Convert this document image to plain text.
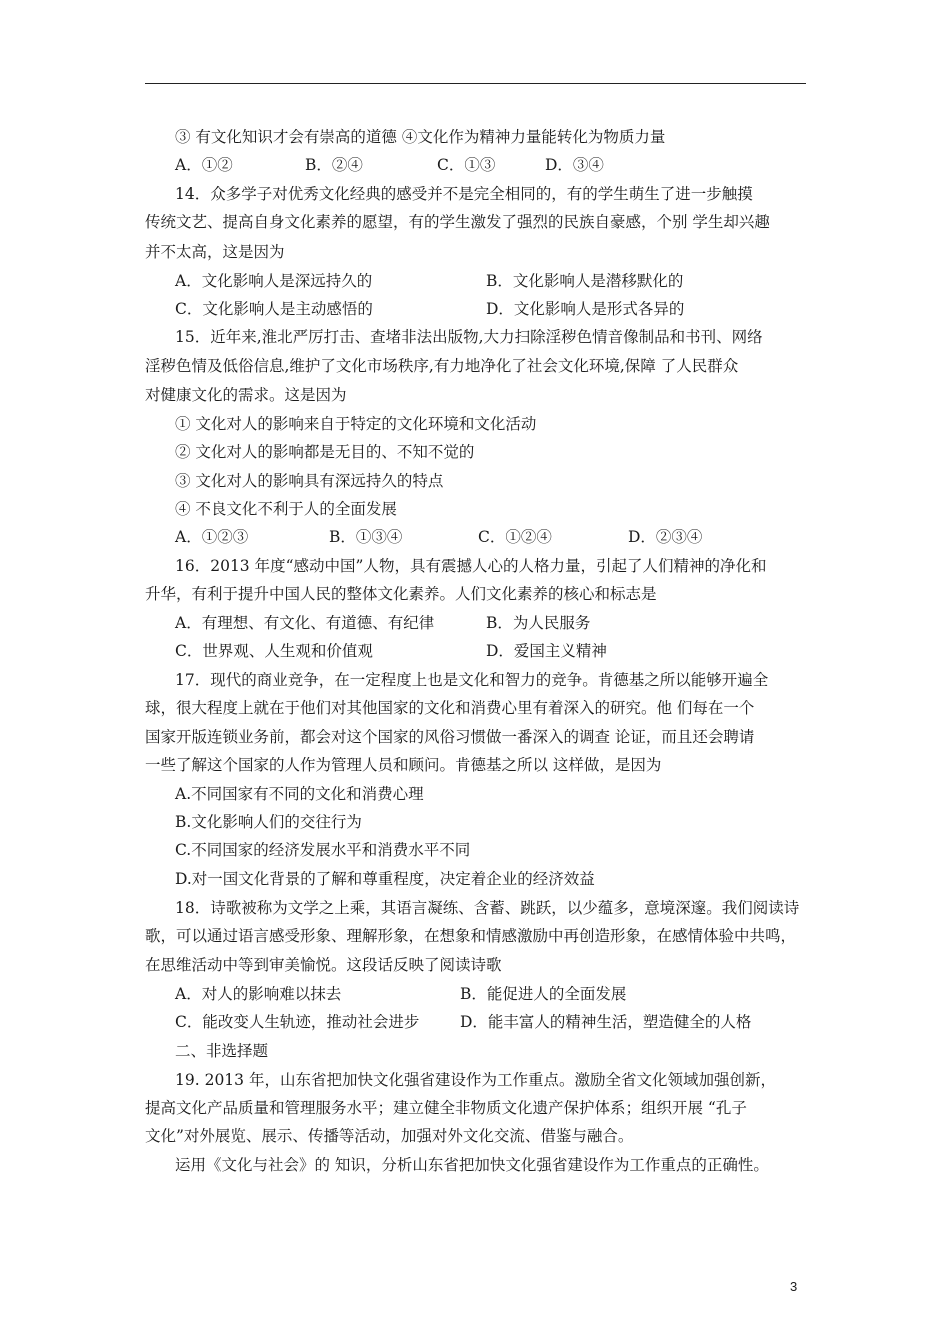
③ 有文化知识才会有崇高的道德 ④文化作为精神力量能转化为物质力量
A．①②	B．②④	C．①③	D．③④
14．众多学子对优秀文化经典的感受并不是完全相同的，有的学生萌生了进一步触摸
传统文艺、提高自身文化素养的愿望，有的学生激发了强烈的民族自豪感，个别 学生却兴趣
并不太高，这是因为
A．文化影响人是深远持久的	B．文化影响人是潜移默化的
C．文化影响人是主动感悟的	D．文化影响人是形式各异的
15．近年来,淮北严厉打击、查堵非法出版物,大力扫除淫秽色情音像制品和书刊、网络
淫秽色情及低俗信息,维护了文化市场秩序,有力地净化了社会文化环境,保障 了人民群众
对健康文化的需求。这是因为
① 文化对人的影响来自于特定的文化环境和文化活动
② 文化对人的影响都是无目的、不知不觉的
③ 文化对人的影响具有深远持久的特点
④ 不良文化不利于人的全面发展
A．①②③	B．①③④	C．①②④	D．②③④
16．2013 年度“感动中国”人物，具有震撼人心的人格力量，引起了人们精神的净化和
升华，有利于提升中国人民的整体文化素养。人们文化素养的核心和标志是
A．有理想、有文化、有道德、有纪律	B．为人民服务
C．世界观、人生观和价值观	D．爱国主义精神
17．现代的商业竞争，在一定程度上也是文化和智力的竞争。肯德基之所以能够开遍全
球，很大程度上就在于他们对其他国家的文化和消费心里有着深入的研究。他 们每在一个
国家开版连锁业务前，都会对这个国家的风俗习惯做一番深入的调查 论证，而且还会聘请
一些了解这个国家的人作为管理人员和顾问。肯德基之所以 这样做，是因为
A.不同国家有不同的文化和消费心理
B.文化影响人们的交往行为
C.不同国家的经济发展水平和消费水平不同
D.对一国文化背景的了解和尊重程度，决定着企业的经济效益
18．诗歌被称为文学之上乘，其语言凝练、含蓄、跳跃，以少蕴多，意境深邃。我们阅读诗
歌，可以通过语言感受形象、理解形象，在想象和情感激励中再创造形象，在感情体验中共鸣，
在思维活动中等到审美愉悦。这段话反映了阅读诗歌
A．对人的影响难以抹去	B．能促进人的全面发展
C．能改变人生轨迹，推动社会进步	D．能丰富人的精神生活，塑造健全的人格
二、非选择题
19. 2013 年，山东省把加快文化强省建设作为工作重点。激励全省文化领域加强创新，
提高文化产品质量和管理服务水平；建立健全非物质文化遗产保护体系；组织开展 “孔子
文化”对外展览、展示、传播等活动，加强对外文化交流、借鉴与融合。
运用《文化与社会》的 知识，分析山东省把加快文化强省建设作为工作重点的正确性。
3
